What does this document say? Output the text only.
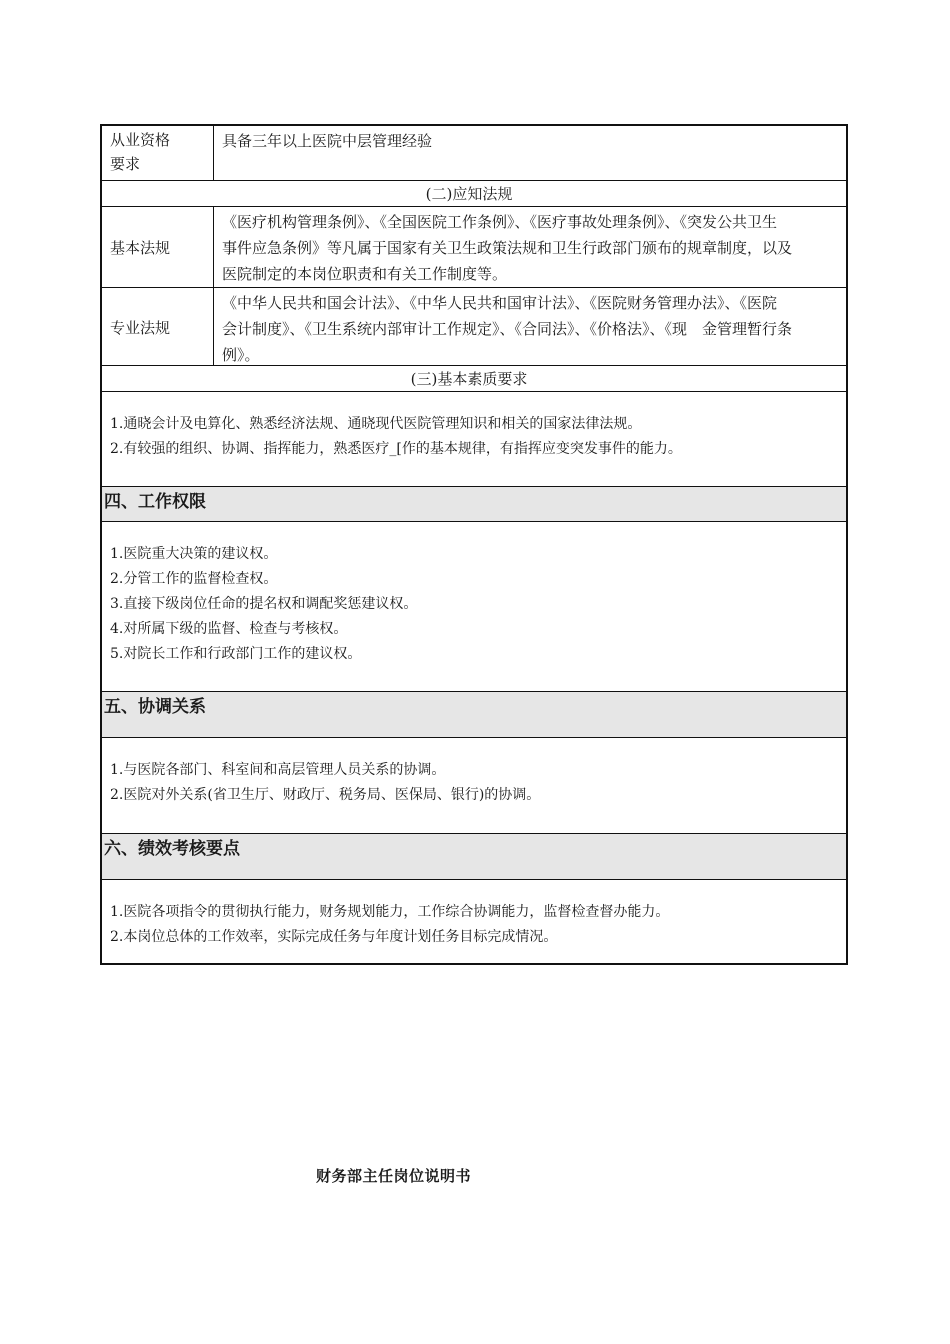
从业资格
要求
具备三年以上医院中层管理经验
(二)应知法规
基本法规
《医疗机构管理条例》、《全国医院工作条例》、《医疗事故处理条例》、《突发公共卫生
事件应急条例》等凡属于国家有关卫生政策法规和卫生行政部门颁布的规章制度，以及
医院制定的本岗位职责和有关工作制度等。
专业法规
《中华人民共和国会计法》、《中华人民共和国审计法》、《医院财务管理办法》、《医院
会计制度》、《卫生系统内部审计工作规定》、《合同法》、《价格法》、《现　金管理暂行条
例》。
(三)基本素质要求
1.通晓会计及电算化、熟悉经济法规、通晓现代医院管理知识和相关的国家法律法规。
2.有较强的组织、协调、指挥能力，熟悉医疗_[作的基本规律，有指挥应变突发事件的能力。
四、工作权限
1.医院重大决策的建议权。
2.分管工作的监督检查权。
3.直接下级岗位任命的提名权和调配奖惩建议权。
4.对所属下级的监督、检查与考核权。
5.对院长工作和行政部门工作的建议权。
五、协调关系
1.与医院各部门、科室间和高层管理人员关系的协调。
2.医院对外关系(省卫生厅、财政厅、税务局、医保局、银行)的协调。
六、绩效考核要点
1.医院各项指令的贯彻执行能力，财务规划能力，工作综合协调能力，监督检查督办能力。
2.本岗位总体的工作效率，实际完成任务与年度计划任务目标完成情况。
财务部主任岗位说明书
